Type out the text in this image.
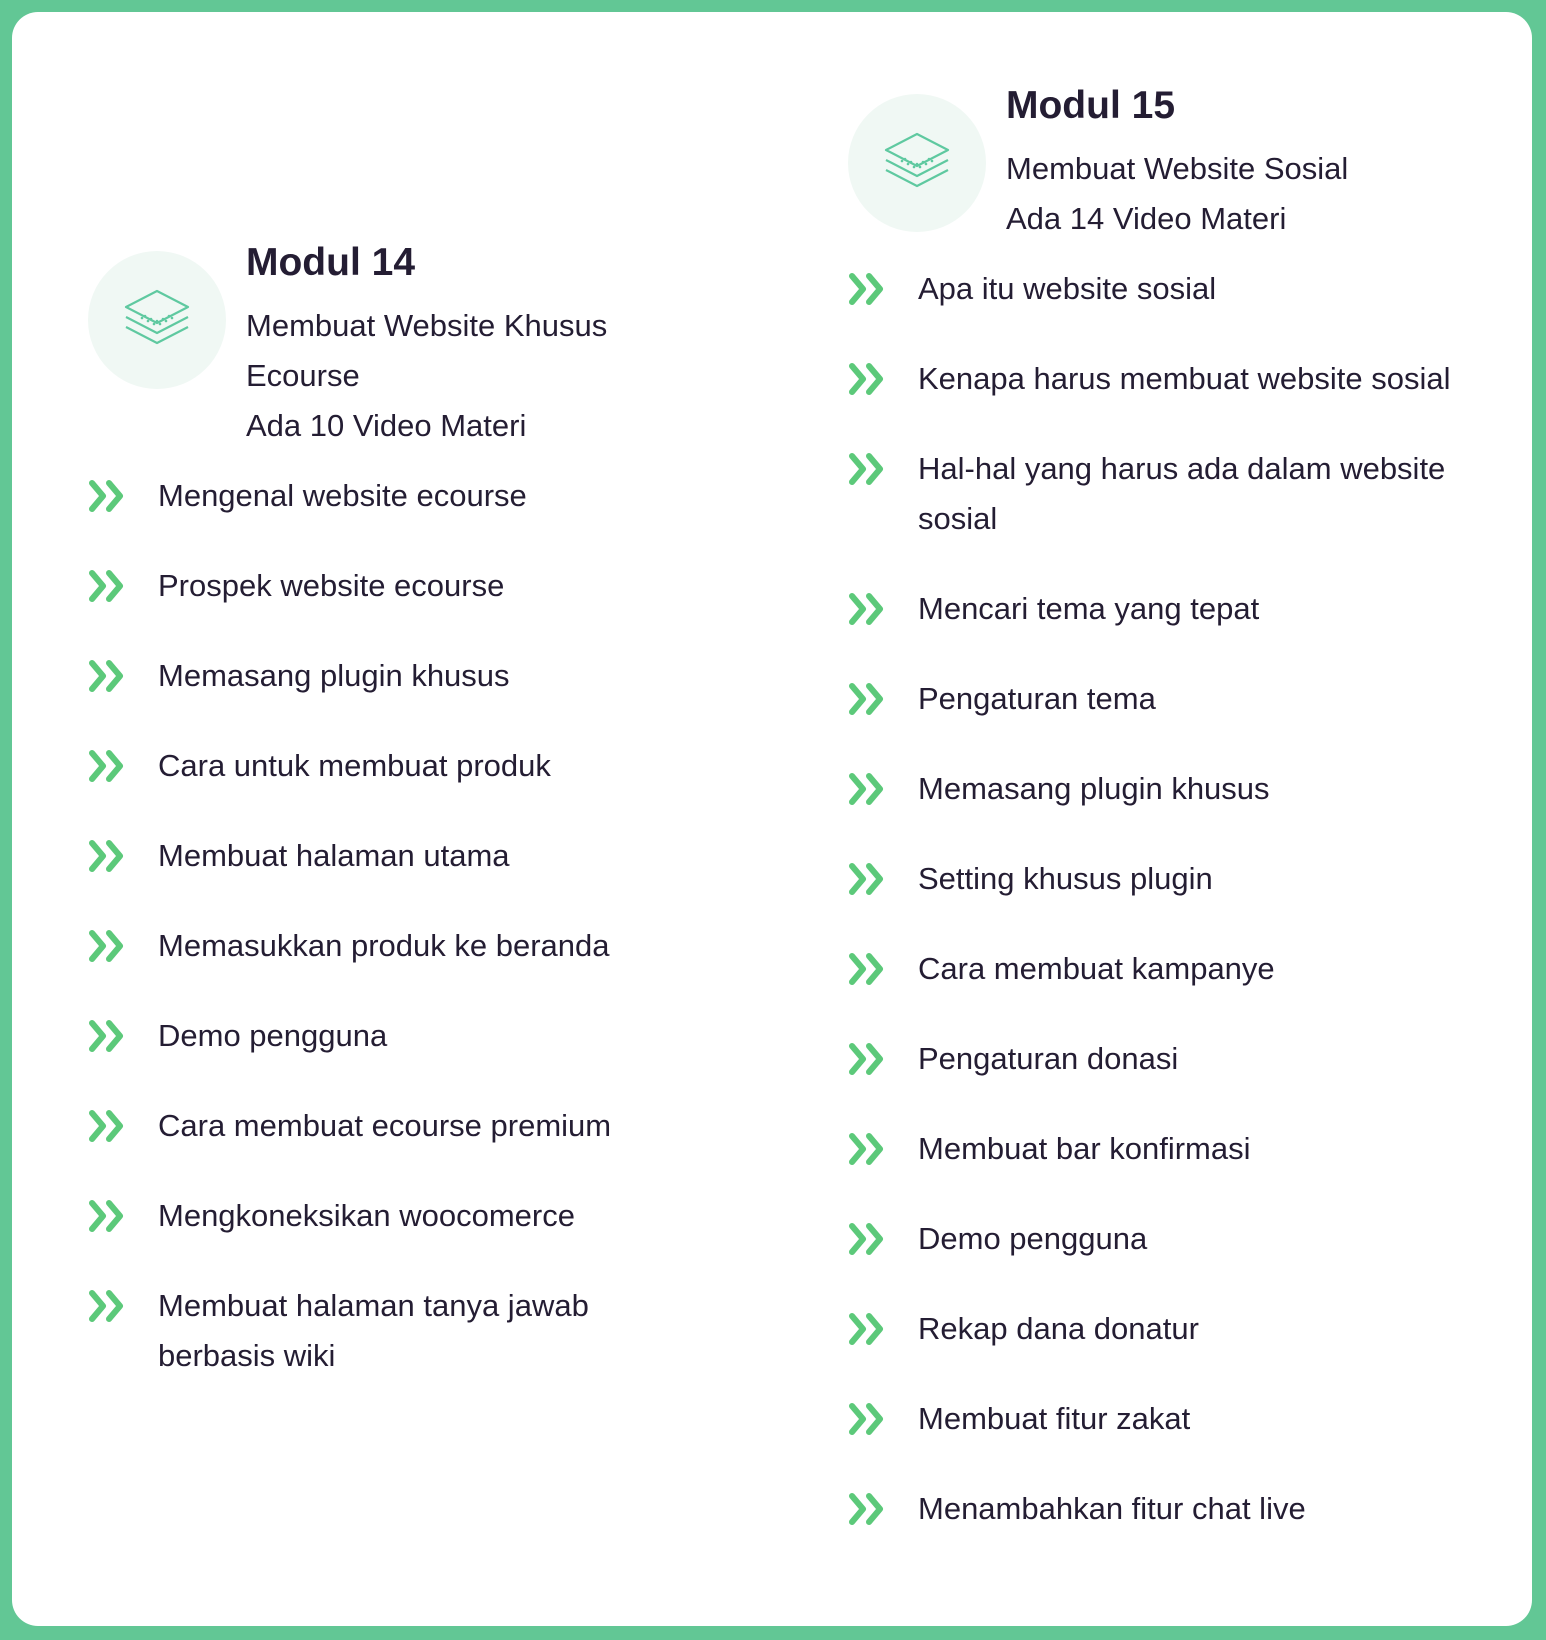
Modul 14
Membuat Website Khusus Ecourse
Ada 10 Video Materi
Mengenal website ecourse
Prospek website ecourse
Memasang plugin khusus
Cara untuk membuat produk
Membuat halaman utama
Memasukkan produk ke beranda
Demo pengguna
Cara membuat ecourse premium
Mengkoneksikan woocomerce
Membuat halaman tanya jawab berbasis wiki
Modul 15
Membuat Website Sosial
Ada 14 Video Materi
Apa itu website sosial
Kenapa harus membuat website sosial
Hal-hal yang harus ada dalam website sosial
Mencari tema yang tepat
Pengaturan tema
Memasang plugin khusus
Setting khusus plugin
Cara membuat kampanye
Pengaturan donasi
Membuat bar konfirmasi
Demo pengguna
Rekap dana donatur
Membuat fitur zakat
Menambahkan fitur chat live
